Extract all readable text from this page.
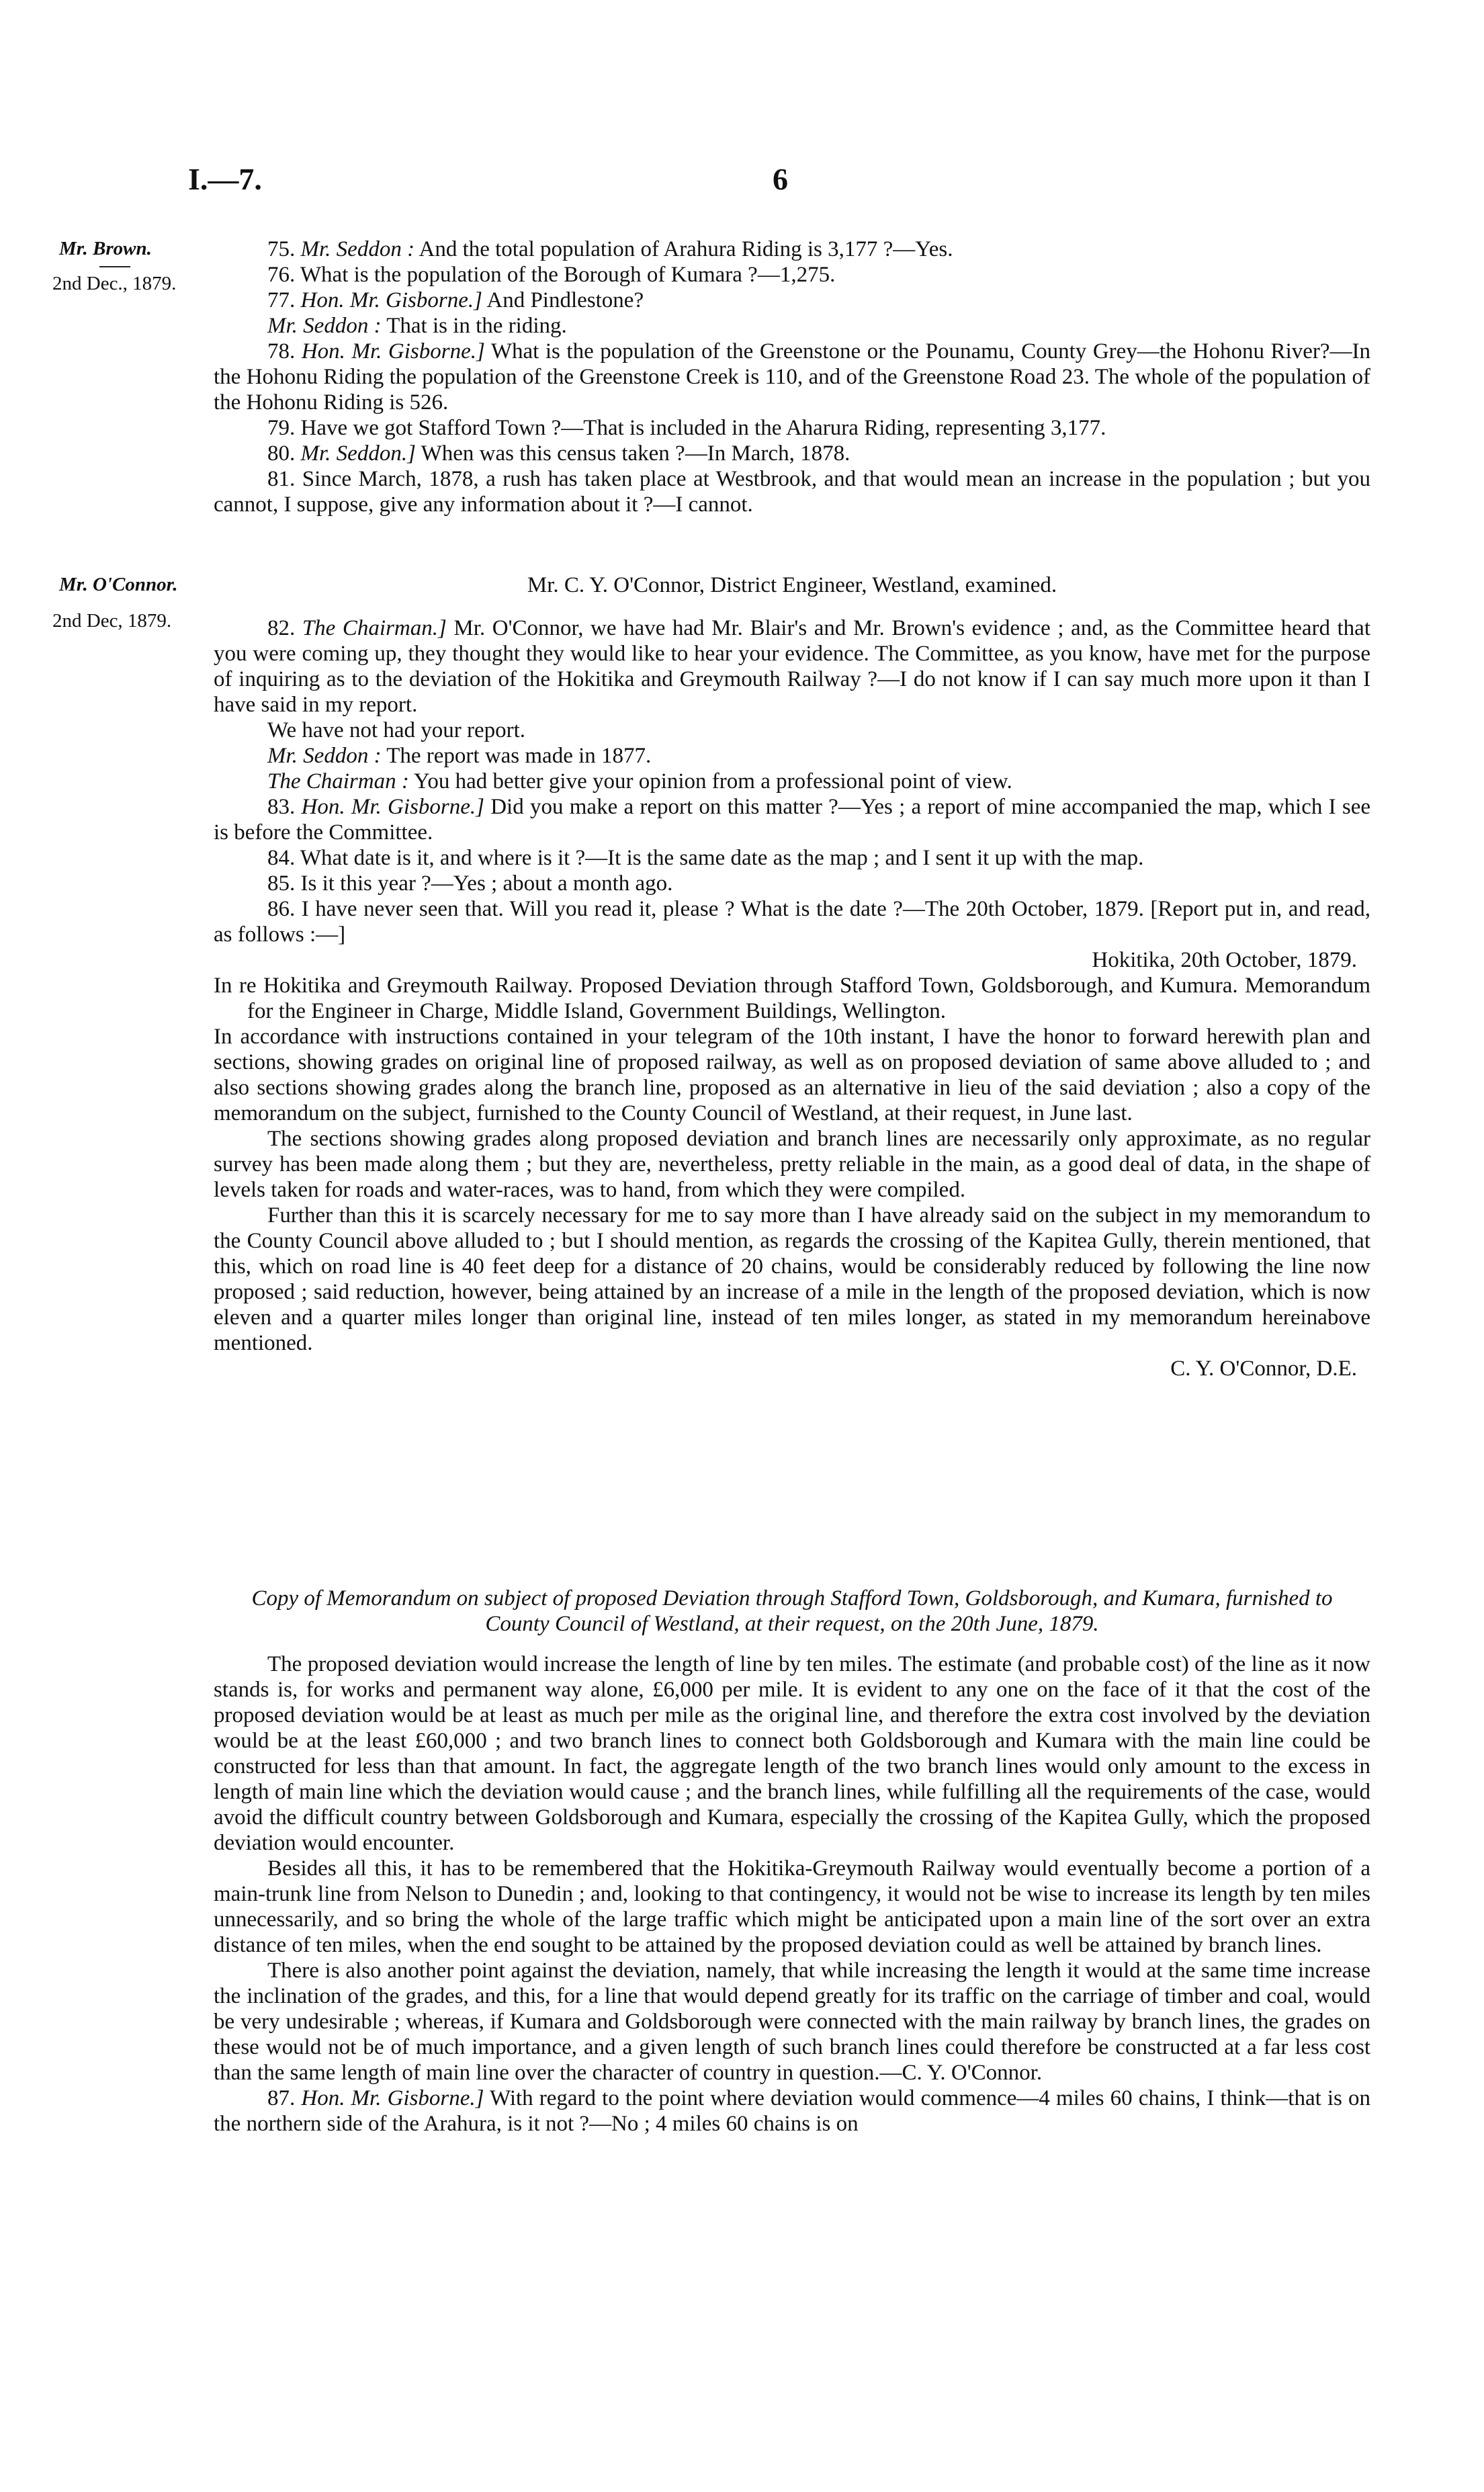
I.—7.	6
Mr. Brown.
2nd Dec., 1879.
Mr. O'Connor.
2nd Dec, 1879.

75. Mr. Seddon : And the total population of Arahura Riding is 3,177 ?—Yes.

76. What is the population of the Borough of Kumara ?—1,275.

77. Hon. Mr. Gisborne.] And Pindlestone?

Mr. Seddon : That is in the riding.

78. Hon. Mr. Gisborne.] What is the population of the Greenstone or the Pounamu, County Grey—the Hohonu River?—In the Hohonu Riding the population of the Greenstone Creek is 110, and of the Greenstone Road 23. The whole of the population of the Hohonu Riding is 526.

79. Have we got Stafford Town ?—That is included in the Aharura Riding, representing 3,177.

80. Mr. Seddon.] When was this census taken ?—In March, 1878.

81. Since March, 1878, a rush has taken place at Westbrook, and that would mean an increase in the population ; but you cannot, I suppose, give any information about it ?—I cannot.

Mr. C. Y. O'Connor, District Engineer, Westland, examined.

82. The Chairman.] Mr. O'Connor, we have had Mr. Blair's and Mr. Brown's evidence ; and, as the Committee heard that you were coming up, they thought they would like to hear your evidence. The Committee, as you know, have met for the purpose of inquiring as to the deviation of the Hokitika and Greymouth Railway ?—I do not know if I can say much more upon it than I have said in my report.

We have not had your report.

Mr. Seddon : The report was made in 1877.

The Chairman : You had better give your opinion from a professional point of view.

83. Hon. Mr. Gisborne.] Did you make a report on this matter ?—Yes ; a report of mine accompanied the map, which I see is before the Committee.

84. What date is it, and where is it ?—It is the same date as the map ; and I sent it up with the map.

85. Is it this year ?—Yes ; about a month ago.

86. I have never seen that. Will you read it, please ? What is the date ?—The 20th October, 1879. [Report put in, and read, as follows :—]

Hokitika, 20th October, 1879.

In re Hokitika and Greymouth Railway. Proposed Deviation through Stafford Town, Goldsborough, and Kumura. Memorandum for the Engineer in Charge, Middle Island, Government Buildings, Wellington.

In accordance with instructions contained in your telegram of the 10th instant, I have the honor to forward herewith plan and sections, showing grades on original line of proposed railway, as well as on proposed deviation of same above alluded to ; and also sections showing grades along the branch line, proposed as an alternative in lieu of the said deviation ; also a copy of the memorandum on the subject, furnished to the County Council of Westland, at their request, in June last.

The sections showing grades along proposed deviation and branch lines are necessarily only approximate, as no regular survey has been made along them ; but they are, nevertheless, pretty reliable in the main, as a good deal of data, in the shape of levels taken for roads and water-races, was to hand, from which they were compiled.

Further than this it is scarcely necessary for me to say more than I have already said on the subject in my memorandum to the County Council above alluded to ; but I should mention, as regards the crossing of the Kapitea Gully, therein mentioned, that this, which on road line is 40 feet deep for a distance of 20 chains, would be considerably reduced by following the line now proposed ; said reduction, however, being attained by an increase of a mile in the length of the proposed deviation, which is now eleven and a quarter miles longer than original line, instead of ten miles longer, as stated in my memorandum hereinabove mentioned.

C. Y. O'Connor, D.E.

Copy of Memorandum on subject of proposed Deviation through Stafford Town, Goldsborough, and Kumara, furnished to County Council of Westland, at their request, on the 20th June, 1879.

The proposed deviation would increase the length of line by ten miles. The estimate (and probable cost) of the line as it now stands is, for works and permanent way alone, £6,000 per mile. It is evident to any one on the face of it that the cost of the proposed deviation would be at least as much per mile as the original line, and therefore the extra cost involved by the deviation would be at the least £60,000 ; and two branch lines to connect both Goldsborough and Kumara with the main line could be constructed for less than that amount. In fact, the aggregate length of the two branch lines would only amount to the excess in length of main line which the deviation would cause ; and the branch lines, while fulfilling all the requirements of the case, would avoid the difficult country between Goldsborough and Kumara, especially the crossing of the Kapitea Gully, which the proposed deviation would encounter.

Besides all this, it has to be remembered that the Hokitika-Greymouth Railway would eventually become a portion of a main-trunk line from Nelson to Dunedin ; and, looking to that contingency, it would not be wise to increase its length by ten miles unnecessarily, and so bring the whole of the large traffic which might be anticipated upon a main line of the sort over an extra distance of ten miles, when the end sought to be attained by the proposed deviation could as well be attained by branch lines.

There is also another point against the deviation, namely, that while increasing the length it would at the same time increase the inclination of the grades, and this, for a line that would depend greatly for its traffic on the carriage of timber and coal, would be very undesirable ; whereas, if Kumara and Goldsborough were connected with the main railway by branch lines, the grades on these would not be of much importance, and a given length of such branch lines could therefore be constructed at a far less cost than the same length of main line over the character of country in question.—C. Y. O'Connor.

87. Hon. Mr. Gisborne.] With regard to the point where deviation would commence—4 miles 60 chains, I think—that is on the northern side of the Arahura, is it not ?—No ; 4 miles 60 chains is on
